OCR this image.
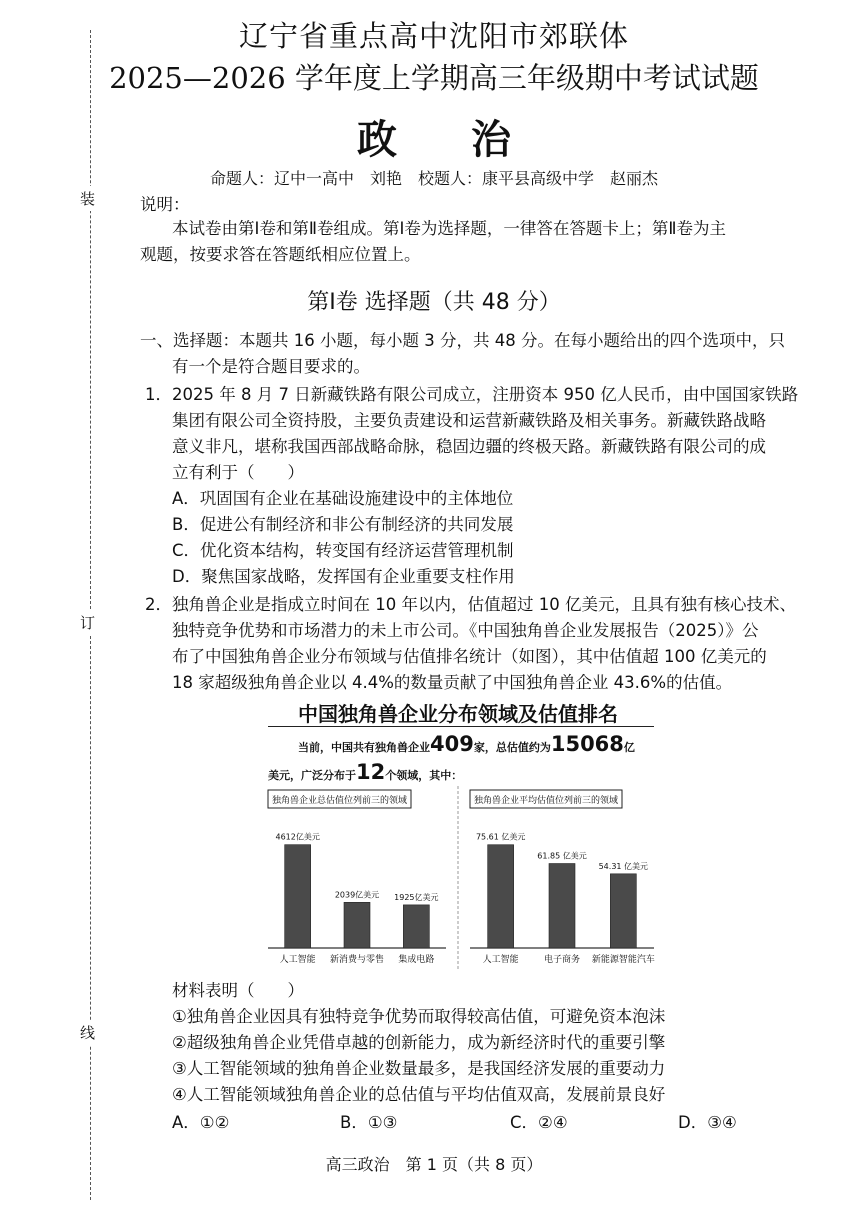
装
订
线
辽宁省重点高中沈阳市郊联体
2025—2026 学年度上学期高三年级期中考试试题
政 治
命题人：辽中一高中　刘艳　校题人：康平县高级中学　赵丽杰
说明：
本试卷由第Ⅰ卷和第Ⅱ卷组成。第Ⅰ卷为选择题，一律答在答题卡上；第Ⅱ卷为主
观题，按要求答在答题纸相应位置上。
第Ⅰ卷 选择题（共 48 分）
一、选择题：本题共 16 小题，每小题 3 分，共 48 分。在每小题给出的四个选项中，只
有一个是符合题目要求的。
1．2025 年 8 月 7 日新藏铁路有限公司成立，注册资本 950 亿人民币，由中国国家铁路
集团有限公司全资持股，主要负责建设和运营新藏铁路及相关事务。新藏铁路战略
意义非凡，堪称我国西部战略命脉，稳固边疆的终极天路。新藏铁路有限公司的成
立有利于（　　）
A．巩固国有企业在基础设施建设中的主体地位
B．促进公有制经济和非公有制经济的共同发展
C．优化资本结构，转变国有经济运营管理机制
D．聚焦国家战略，发挥国有企业重要支柱作用
2．独角兽企业是指成立时间在 10 年以内，估值超过 10 亿美元，且具有独有核心技术、
独特竞争优势和市场潜力的未上市公司。《中国独角兽企业发展报告（2025）》公
布了中国独角兽企业分布领域与估值排名统计（如图），其中估值超 100 亿美元的
18 家超级独角兽企业以 4.4%的数量贡献了中国独角兽企业 43.6%的估值。
中国独角兽企业分布领域及估值排名
当前，中国共有独角兽企业409家，总估值约为15068亿
美元，广泛分布于12个领域，其中：
独角兽企业总估值位列前三的领域
4612亿美元
人工智能
2039亿美元
新消费与零售
1925亿美元
集成电路
独角兽企业平均估值位列前三的领域
75.61 亿美元
人工智能
61.85 亿美元
电子商务
54.31 亿美元
新能源智能汽车
材料表明（　　）
①独角兽企业因具有独特竞争优势而取得较高估值，可避免资本泡沫
②超级独角兽企业凭借卓越的创新能力，成为新经济时代的重要引擎
③人工智能领域的独角兽企业数量最多，是我国经济发展的重要动力
④人工智能领域独角兽企业的总估值与平均估值双高，发展前景良好
A．①②	B．①③	C．②④	D．③④
高三政治　第 1 页（共 8 页）
